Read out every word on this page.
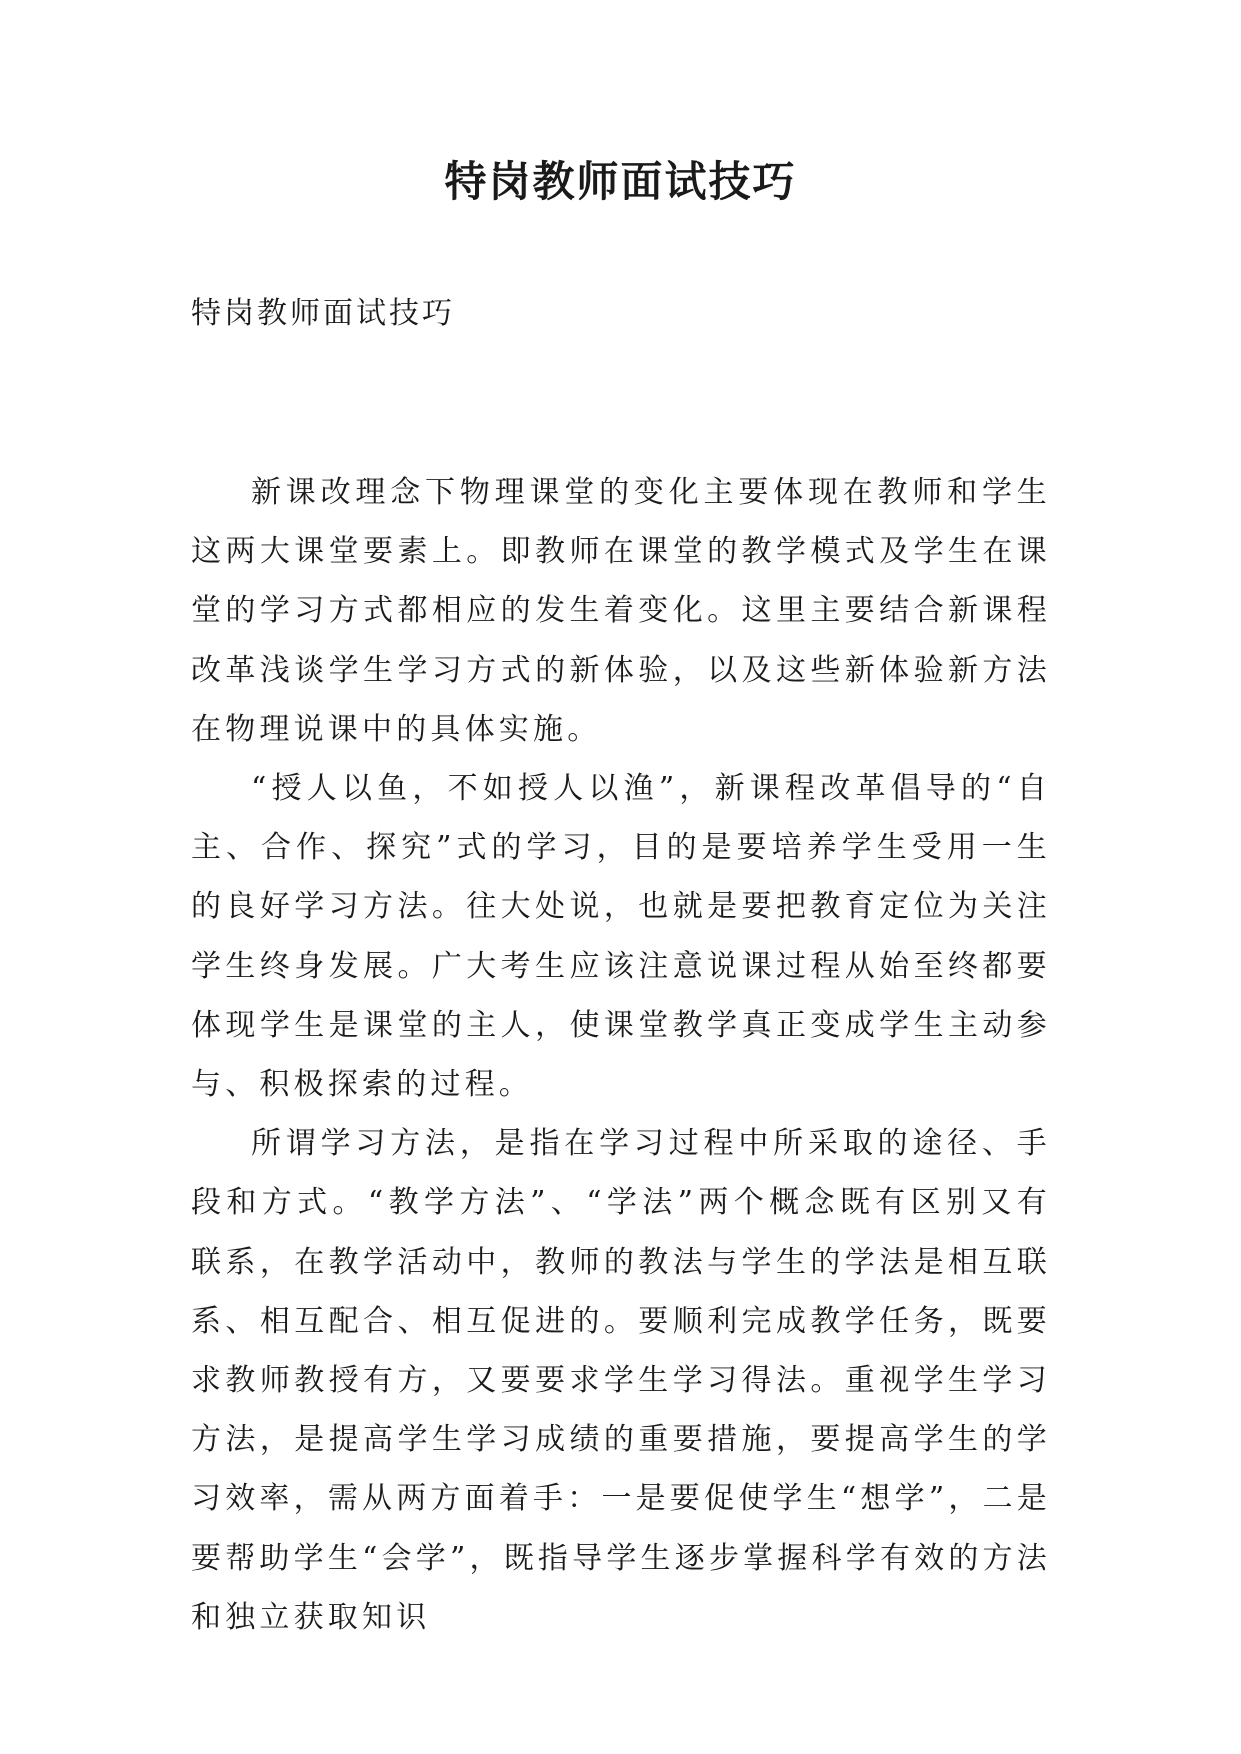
特岗教师面试技巧
特岗教师面试技巧

新课改理念下物理课堂的变化主要体现在教师和学生这两大课堂要素上。即教师在课堂的教学模式及学生在课堂的学习方式都相应的发生着变化。这里主要结合新课程改革浅谈学生学习方式的新体验，以及这些新体验新方法在物理说课中的具体实施。

“授人以鱼，不如授人以渔”，新课程改革倡导的“自主、合作、探究”式的学习，目的是要培养学生受用一生的良好学习方法。往大处说，也就是要把教育定位为关注学生终身发展。广大考生应该注意说课过程从始至终都要体现学生是课堂的主人，使课堂教学真正变成学生主动参与、积极探索的过程。

所谓学习方法，是指在学习过程中所采取的途径、手段和方式。“教学方法”、“学法”两个概念既有区别又有联系，在教学活动中，教师的教法与学生的学法是相互联系、相互配合、相互促进的。要顺利完成教学任务，既要求教师教授有方，又要要求学生学习得法。重视学生学习方法，是提高学生学习成绩的重要措施，要提高学生的学习效率，需从两方面着手：一是要促使学生“想学”，二是要帮助学生“会学”，既指导学生逐步掌握科学有效的方法和独立获取知识
